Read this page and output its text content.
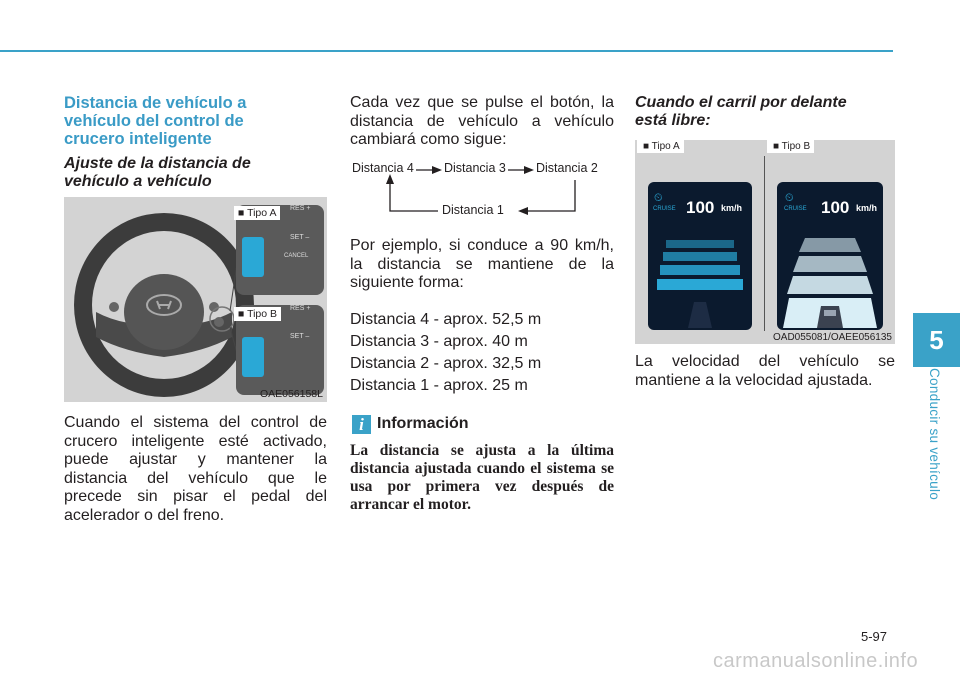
Distancia de vehículo a vehículo del control de crucero inteligente
Ajuste de la distancia de vehículo a vehículo
RES +
SET –
CANCEL
RES +
SET –
■ Tipo A
■ Tipo B
OAE056158L
Cuando el sistema del control de crucero inteligente esté activado, puede ajustar y mantener la distancia del vehículo que le precede sin pisar el pedal del acelerador o del freno.
Cada vez que se pulse el botón, la distancia de vehículo a vehículo cambiará como sigue:
Distancia 4 Distancia 3 Distancia 2
Distancia 1
Por ejemplo, si conduce a 90 km/h, la distancia se mantiene de la siguiente forma:
Distancia 4 - aprox. 52,5 m
Distancia 3 - aprox. 40 m
Distancia 2 - aprox. 32,5 m
Distancia 1 - aprox. 25 m
i Información
La distancia se ajusta a la última distancia ajustada cuando el sistema se usa por primera vez después de arrancar el motor.
Cuando el carril por delante está libre:
■ Tipo A	■ Tipo B
⏲
CRUISE 100 km/h
⏲
CRUISE 100 km/h
OAD055081/OAEE056135
La velocidad del vehículo se mantiene a la velocidad ajustada.
5
Conducir su vehículo
5-97
carmanualsonline.info
